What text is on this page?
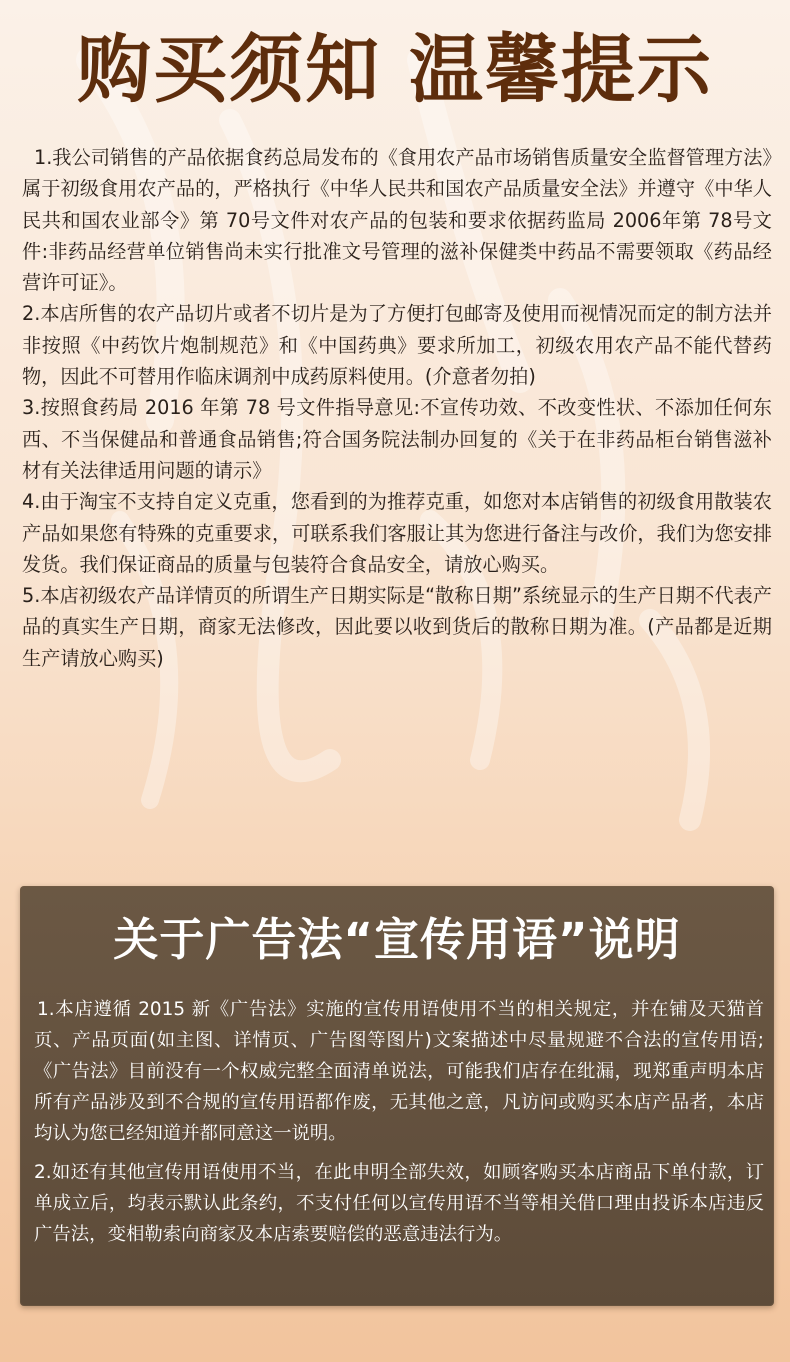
购买须知 温馨提示

1.我公司销售的产品依据食药总局发布的《食用农产品市场销售质量安全监督管理方法》属于初级食用农产品的，严格执行《中华人民共和国农产品质量安全法》并遵守《中华人民共和国农业部令》第 70号文件对农产品的包装和要求依据药监局 2006年第 78号文件:非药品经营单位销售尚未实行批准文号管理的滋补保健类中药品不需要领取《药品经营许可证》。

2.本店所售的农产品切片或者不切片是为了方便打包邮寄及使用而视情况而定的制方法并非按照《中药饮片炮制规范》和《中国药典》要求所加工，初级农用农产品不能代替药物，因此不可替用作临床调剂中成药原料使用。(介意者勿拍)

3.按照食药局 2016 年第 78 号文件指导意见:不宣传功效、不改变性状、不添加任何东西、不当保健品和普通食品销售;符合国务院法制办回复的《关于在非药品柜台销售滋补材有关法律适用问题的请示》

4.由于淘宝不支持自定义克重，您看到的为推荐克重，如您对本店销售的初级食用散装农产品如果您有特殊的克重要求，可联系我们客服让其为您进行备注与改价，我们为您安排发货。我们保证商品的质量与包装符合食品安全，请放心购买。

5.本店初级农产品详情页的所谓生产日期实际是“散称日期”系统显示的生产日期不代表产品的真实生产日期，商家无法修改，因此要以收到货后的散称日期为准。(产品都是近期生产请放心购买)

关于广告法“宣传用语”说明

1.本店遵循 2015 新《广告法》实施的宣传用语使用不当的相关规定，并在铺及天猫首页、产品页面(如主图、详情页、广告图等图片)文案描述中尽量规避不合法的宣传用语;《广告法》目前没有一个权威完整全面清单说法，可能我们店存在纰漏，现郑重声明本店所有产品涉及到不合规的宣传用语都作废，无其他之意，凡访问或购买本店产品者，本店均认为您已经知道并都同意这一说明。

2.如还有其他宣传用语使用不当，在此申明全部失效，如顾客购买本店商品下单付款，订单成立后，均表示默认此条约，不支付任何以宣传用语不当等相关借口理由投诉本店违反广告法，变相勒索向商家及本店索要赔偿的恶意违法行为。
